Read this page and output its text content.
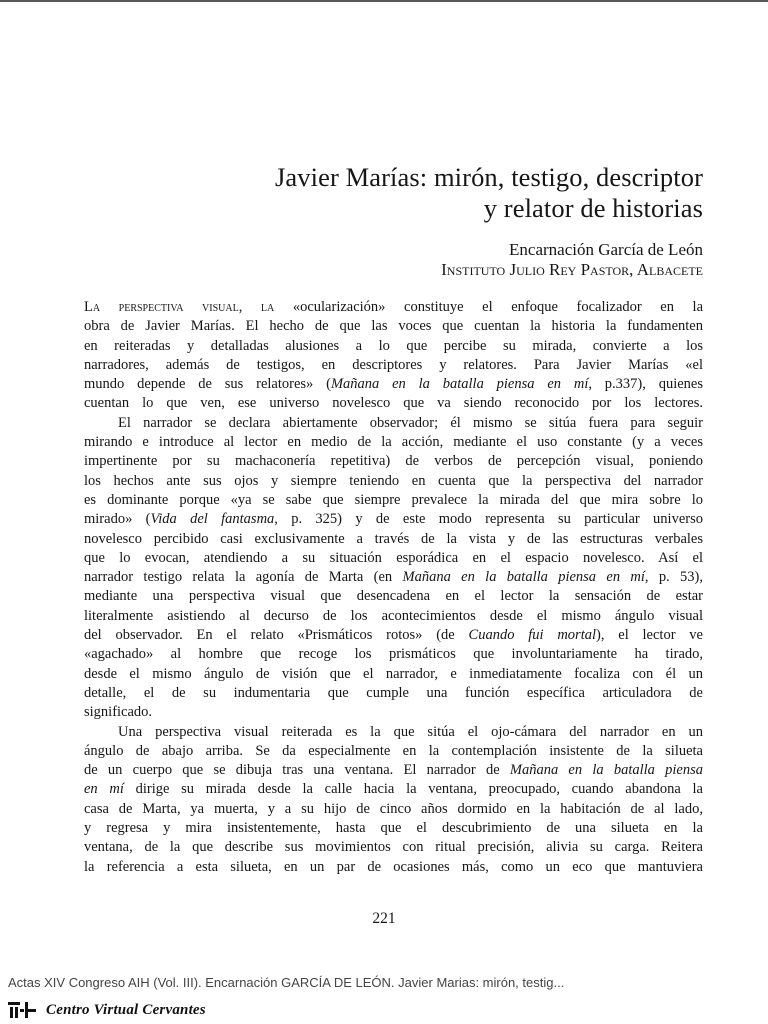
Javier Marías: mirón, testigo, descriptor
y relator de historias
Encarnación García de León
Instituto Julio Rey Pastor, Albacete
La perspectiva visual, la «ocularización» constituye el enfoque focalizador en la
obra de Javier Marías. El hecho de que las voces que cuentan la historia la fundamenten
en reiteradas y detalladas alusiones a lo que percibe su mirada, convierte a los
narradores, además de testigos, en descriptores y relatores. Para Javier Marías «el
mundo depende de sus relatores» (Mañana en la batalla piensa en mí, p.337), quienes
cuentan lo que ven, ese universo novelesco que va siendo reconocido por los lectores.
El narrador se declara abiertamente observador; él mismo se sitúa fuera para seguir
mirando e introduce al lector en medio de la acción, mediante el uso constante (y a veces
impertinente por su machaconería repetitiva) de verbos de percepción visual, poniendo
los hechos ante sus ojos y siempre teniendo en cuenta que la perspectiva del narrador
es dominante porque «ya se sabe que siempre prevalece la mirada del que mira sobre lo
mirado» (Vida del fantasma, p. 325) y de este modo representa su particular universo
novelesco percibido casi exclusivamente a través de la vista y de las estructuras verbales
que lo evocan, atendiendo a su situación esporádica en el espacio novelesco. Así el
narrador testigo relata la agonía de Marta (en Mañana en la batalla piensa en mí, p. 53),
mediante una perspectiva visual que desencadena en el lector la sensación de estar
literalmente asistiendo al decurso de los acontecimientos desde el mismo ángulo visual
del observador. En el relato «Prismáticos rotos» (de Cuando fui mortal), el lector ve
«agachado» al hombre que recoge los prismáticos que involuntariamente ha tirado,
desde el mismo ángulo de visión que el narrador, e inmediatamente focaliza con él un
detalle, el de su indumentaria que cumple una función específica articuladora de
significado.
Una perspectiva visual reiterada es la que sitúa el ojo-cámara del narrador en un
ángulo de abajo arriba. Se da especialmente en la contemplación insistente de la silueta
de un cuerpo que se dibuja tras una ventana. El narrador de Mañana en la batalla piensa
en mí dirige su mirada desde la calle hacia la ventana, preocupado, cuando abandona la
casa de Marta, ya muerta, y a su hijo de cinco años dormido en la habitación de al lado,
y regresa y mira insistentemente, hasta que el descubrimiento de una silueta en la
ventana, de la que describe sus movimientos con ritual precisión, alivia su carga. Reitera
la referencia a esta silueta, en un par de ocasiones más, como un eco que mantuviera
221
Actas XIV Congreso AIH (Vol. III). Encarnación GARCÍA DE LEÓN. Javier Marias: mirón, testig...
Centro Virtual Cervantes
